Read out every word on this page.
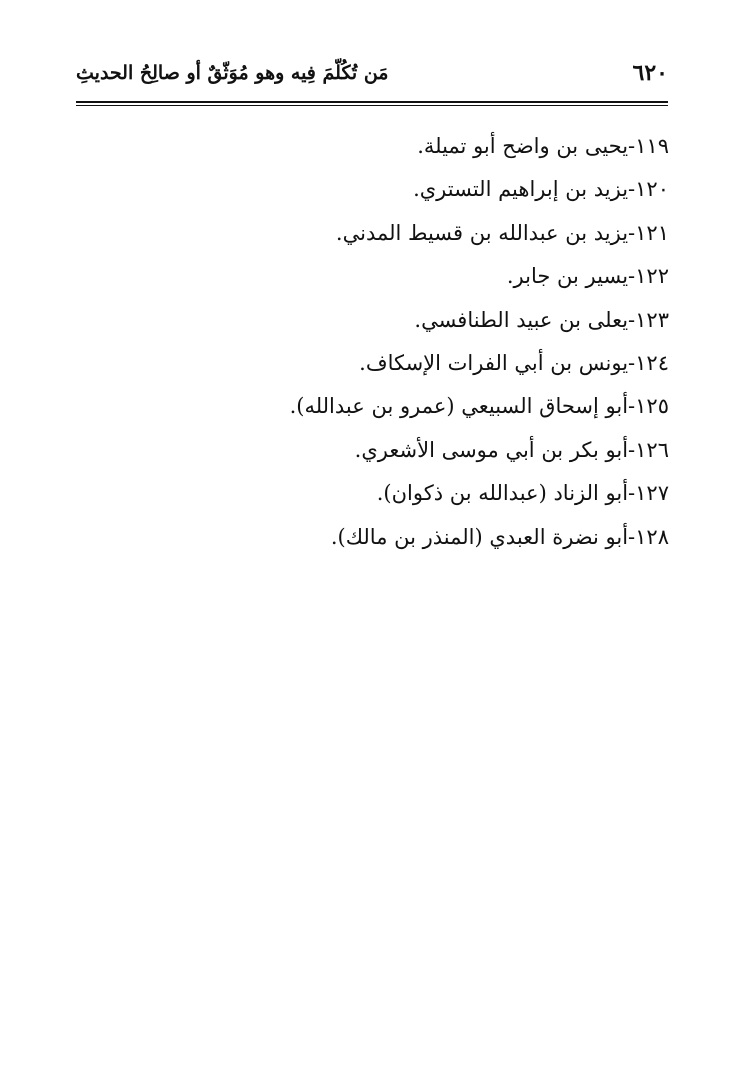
٦٢٠
مَن تُكُلّمَ فِيه وهو مُوَثّقٌ أو صالِحُ الحديثِ
١١٩-يحيى بن واضح أبو تميلة.
١٢٠-يزيد بن إبراهيم التستري.
١٢١-يزيد بن عبدالله بن قسيط المدني.
١٢٢-يسير بن جابر.
١٢٣-يعلى بن عبيد الطنافسي.
١٢٤-يونس بن أبي الفرات الإسكاف.
١٢٥-أبو إسحاق السبيعي (عمرو بن عبدالله).
١٢٦-أبو بكر بن أبي موسى الأشعري.
١٢٧-أبو الزناد (عبدالله بن ذكوان).
١٢٨-أبو نضرة العبدي (المنذر بن مالك).
